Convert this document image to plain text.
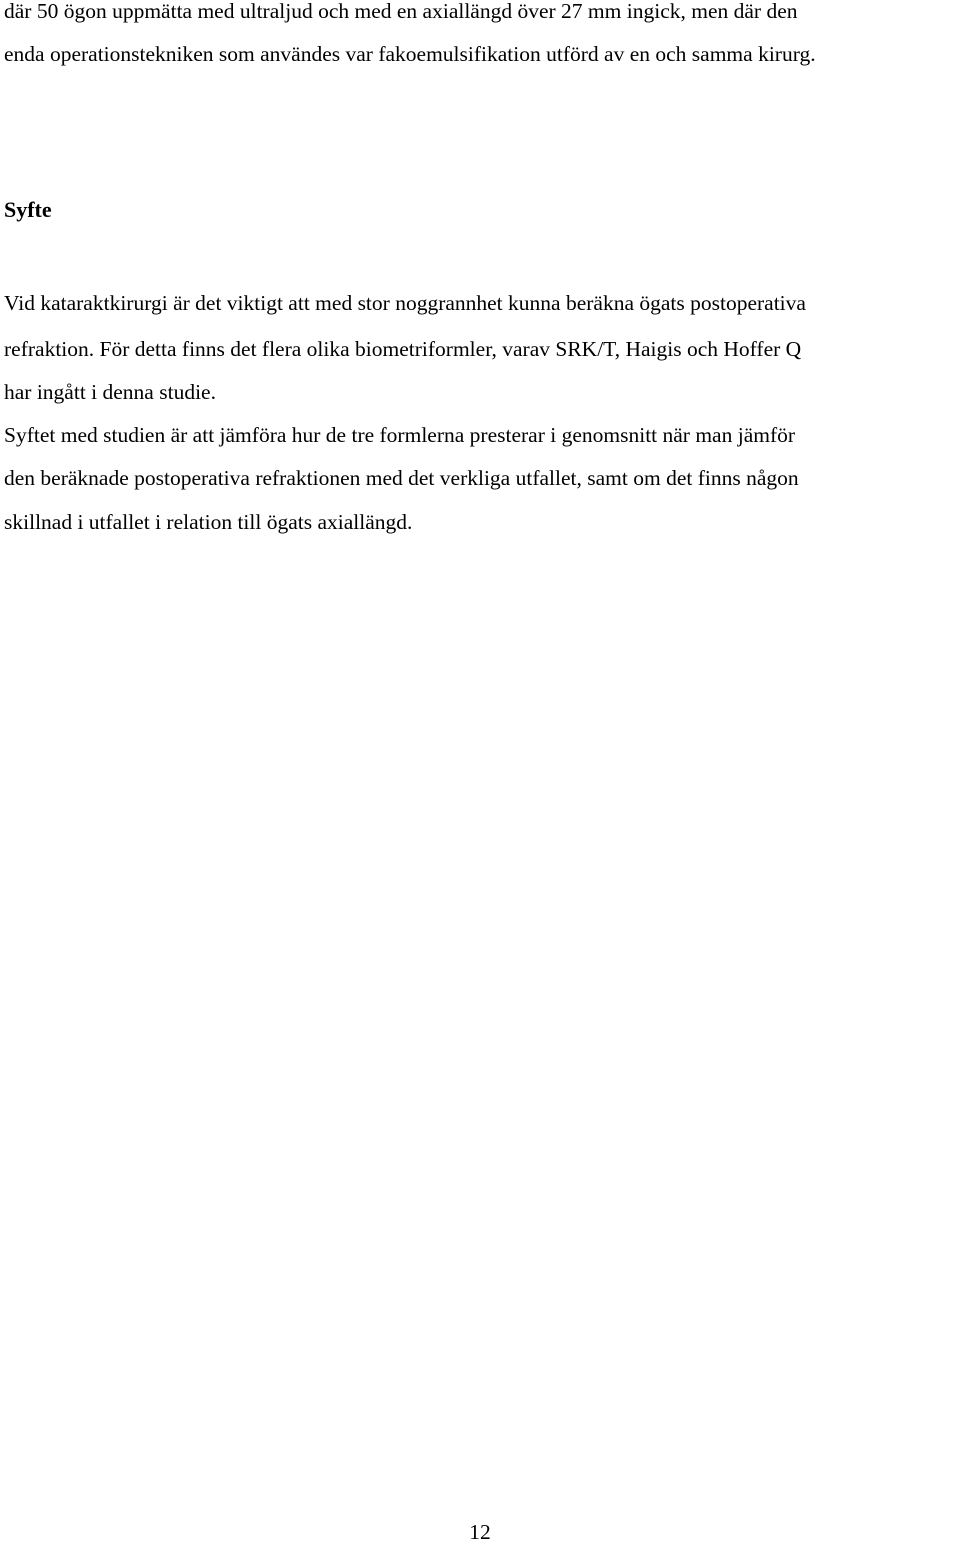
där 50 ögon uppmätta med ultraljud och med en axiallängd över 27 mm ingick, men där den

enda operationstekniken som användes var fakoemulsifikation utförd av en och samma kirurg.

Syfte

Vid kataraktkirurgi är det viktigt att med stor noggrannhet kunna beräkna ögats postoperativa

refraktion. För detta finns det flera olika biometriformler, varav SRK/T, Haigis och Hoffer Q

har ingått i denna studie.

Syftet med studien är att jämföra hur de tre formlerna presterar i genomsnitt när man jämför

den beräknade postoperativa refraktionen med det verkliga utfallet, samt om det finns någon

skillnad i utfallet i relation till ögats axiallängd.

12
